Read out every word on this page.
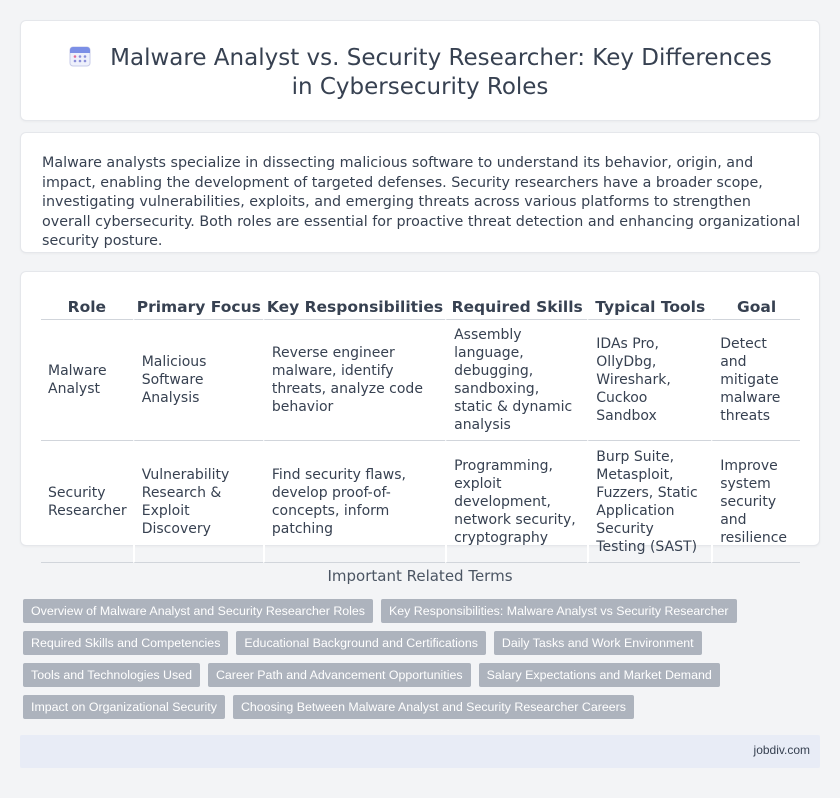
Malware Analyst vs. Security Researcher: Key Differences in Cybersecurity Roles

Malware analysts specialize in dissecting malicious software to understand its behavior, origin, and impact, enabling the development of targeted defenses. Security researchers have a broader scope, investigating vulnerabilities, exploits, and emerging threats across various platforms to strengthen overall cybersecurity. Both roles are essential for proactive threat detection and enhancing organizational security posture.

Role	Primary Focus	Key Responsibilities	Required Skills	Typical Tools	Goal
Malware Analyst	Malicious Software Analysis	Reverse engineer malware, identify threats, analyze code behavior	Assembly language, debugging, sandboxing, static & dynamic analysis	IDAs Pro, OllyDbg, Wireshark, Cuckoo Sandbox	Detect and mitigate malware threats
Security Researcher	Vulnerability Research & Exploit Discovery	Find security flaws, develop proof-of-concepts, inform patching	Programming, exploit development, network security, cryptography	Burp Suite, Metasploit, Fuzzers, Static Application Security Testing (SAST)	Improve system security and resilience
Important Related Terms
Overview of Malware Analyst and Security Researcher Roles	Key Responsibilities: Malware Analyst vs Security Researcher
Required Skills and Competencies	Educational Background and Certifications	Daily Tasks and Work Environment
Tools and Technologies Used	Career Path and Advancement Opportunities	Salary Expectations and Market Demand
Impact on Organizational Security	Choosing Between Malware Analyst and Security Researcher Careers
jobdiv.com
